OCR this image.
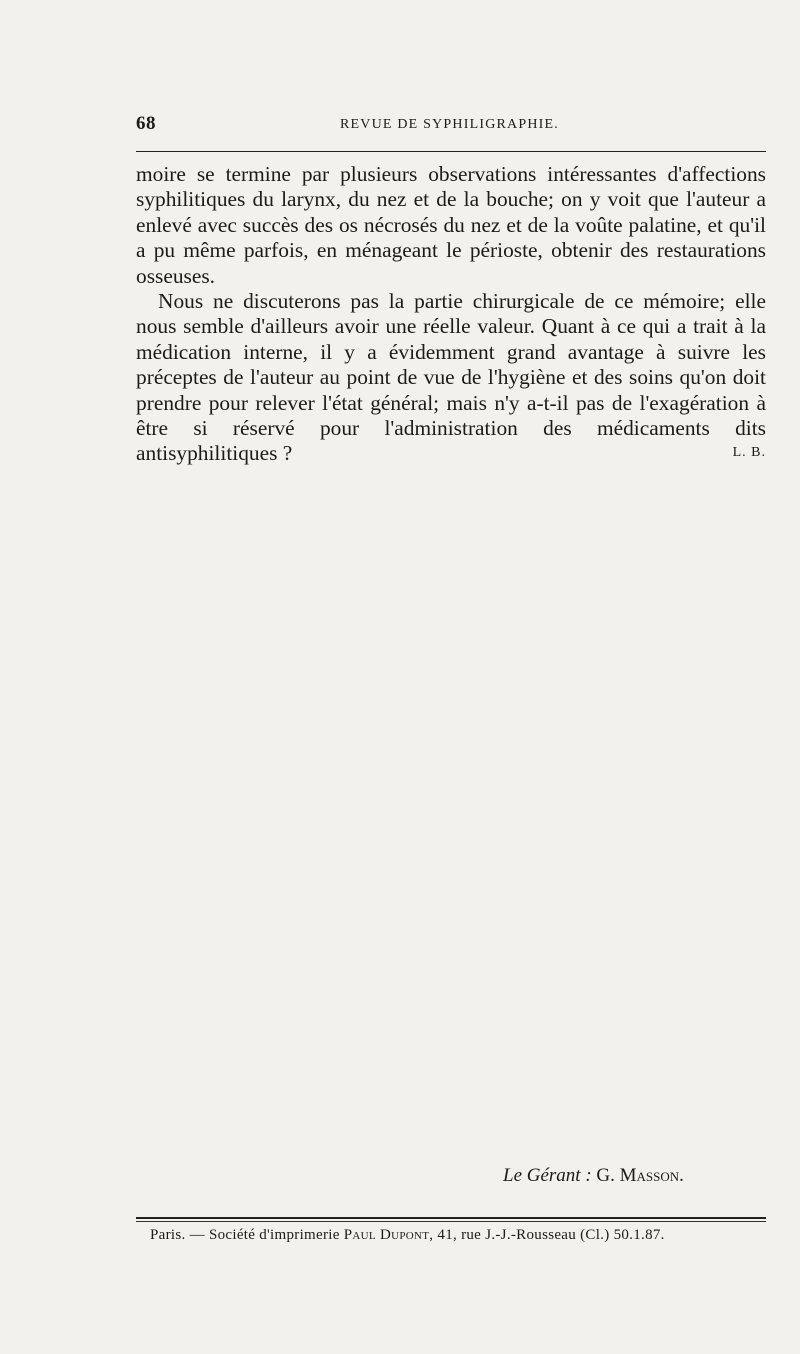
68	REVUE DE SYPHILIGRAPHIE.

moire se termine par plusieurs observations intéressantes d'affections syphilitiques du larynx, du nez et de la bouche; on y voit que l'auteur a enlevé avec succès des os nécrosés du nez et de la voûte palatine, et qu'il a pu même parfois, en ménageant le périoste, obtenir des restaurations osseuses.

Nous ne discuterons pas la partie chirurgicale de ce mémoire; elle nous semble d'ailleurs avoir une réelle valeur. Quant à ce qui a trait à la médication interne, il y a évidemment grand avantage à suivre les préceptes de l'auteur au point de vue de l'hygiène et des soins qu'on doit prendre pour relever l'état général; mais n'y a-t-il pas de l'exagération à être si réservé pour l'administration des médicaments dits antisyphilitiques ?	L. B.

Le Gérant : G. Masson.
Paris. — Société d'imprimerie Paul Dupont, 41, rue J.-J.-Rousseau (Cl.) 50.1.87.
